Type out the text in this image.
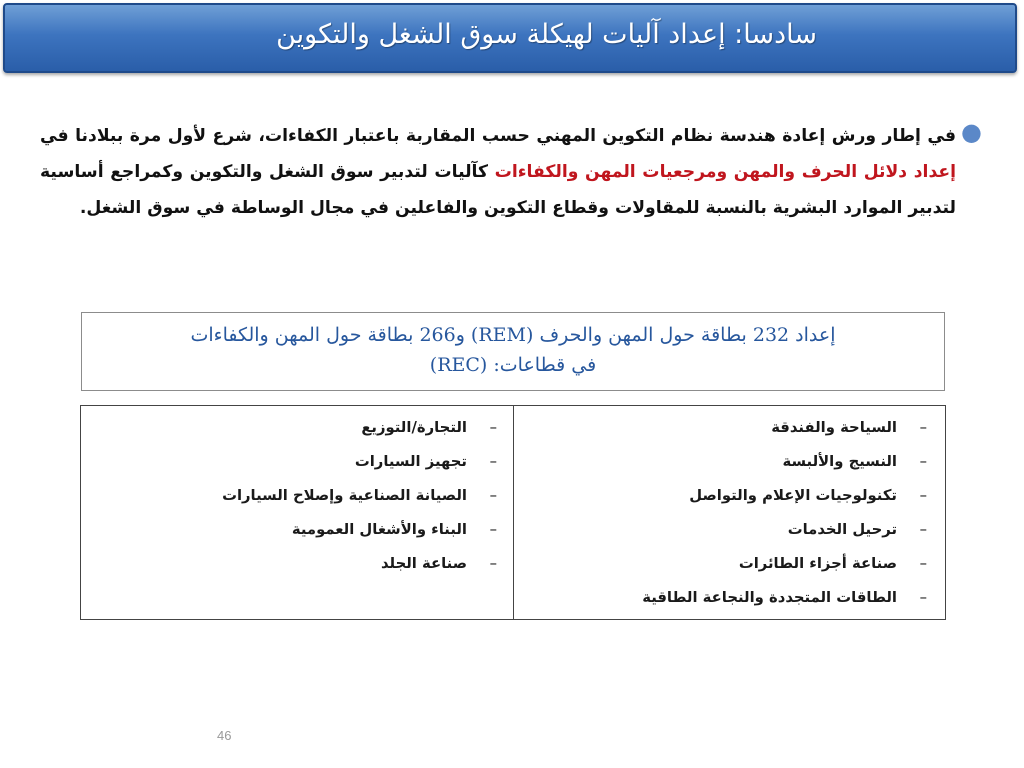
سادسا: إعداد آليات لهيكلة سوق الشغل والتكوين
●
في إطار ورش إعادة هندسة نظام التكوين المهني حسب المقاربة باعتبار الكفاءات، شرع لأول مرة ببلادنا في إعداد دلائل الحرف والمهن ومرجعيات المهن والكفاءات كآليات لتدبير سوق الشغل والتكوين وكمراجع أساسية لتدبير الموارد البشرية بالنسبة للمقاولات وقطاع التكوين والفاعلين في مجال الوساطة في سوق الشغل.
إعداد 232 بطاقة حول المهن والحرف (REM) و266 بطاقة حول المهن والكفاءات
في قطاعات: (REC)
–السياحة والفندقة
–النسيج والألبسة
–تكنولوجيات الإعلام والتواصل
–ترحيل الخدمات
–صناعة أجزاء الطائرات
–الطاقات المتجددة والنجاعة الطاقية
–التجارة/التوزيع
–تجهيز السيارات
–الصيانة الصناعية وإصلاح السيارات
–البناء والأشغال العمومية
–صناعة الجلد
46
